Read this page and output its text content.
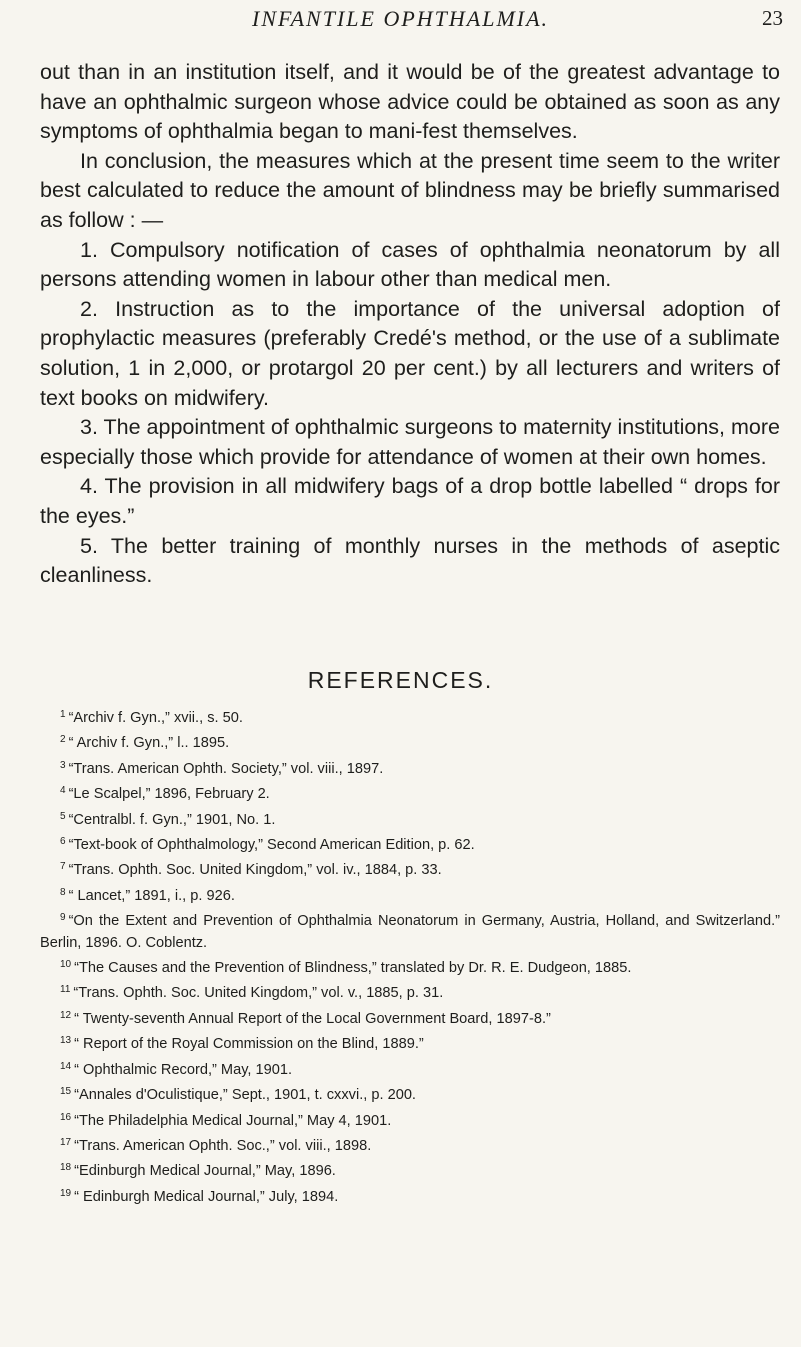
INFANTILE OPHTHALMIA.	23

out than in an institution itself, and it would be of the greatest advantage to have an ophthalmic surgeon whose advice could be obtained as soon as any symptoms of ophthalmia began to mani-fest themselves.

In conclusion, the measures which at the present time seem to the writer best calculated to reduce the amount of blindness may be briefly summarised as follow : —

1. Compulsory notification of cases of ophthalmia neonatorum by all persons attending women in labour other than medical men.

2. Instruction as to the importance of the universal adoption of prophylactic measures (preferably Credé's method, or the use of a sublimate solution, 1 in 2,000, or protargol 20 per cent.) by all lecturers and writers of text books on midwifery.

3. The appointment of ophthalmic surgeons to maternity institutions, more especially those which provide for attendance of women at their own homes.

4. The provision in all midwifery bags of a drop bottle labelled “ drops for the eyes.”

5. The better training of monthly nurses in the methods of aseptic cleanliness.

REFERENCES.

$^1$ “Archiv f. Gyn.,” xvii., s. 50.

$^2$ “ Archiv f. Gyn.,” l.. 1895.

$^3$ “Trans. American Ophth. Society,” vol. viii., 1897.

$^4$ “Le Scalpel,” 1896, February 2.

$^5$ “Centralbl. f. Gyn.,” 1901, No. 1.

$^6$ “Text-book of Ophthalmology,” Second American Edition, p. 62.

$^7$ “Trans. Ophth. Soc. United Kingdom,” vol. iv., 1884, p. 33.

$^8$ “ Lancet,” 1891, i., p. 926.

$^9$ “On the Extent and Prevention of Ophthalmia Neonatorum in Germany, Austria, Holland, and Switzerland.” Berlin, 1896. O. Coblentz.

$^{10}$ “The Causes and the Prevention of Blindness,” translated by Dr. R. E. Dudgeon, 1885.

$^{11}$ “Trans. Ophth. Soc. United Kingdom,” vol. v., 1885, p. 31.

$^{12}$ “ Twenty-seventh Annual Report of the Local Government Board, 1897-8.”

$^{13}$ “ Report of the Royal Commission on the Blind, 1889.”

$^{14}$ “ Ophthalmic Record,” May, 1901.

$^{15}$ “Annales d'Oculistique,” Sept., 1901, t. cxxvi., p. 200.

$^{16}$ “The Philadelphia Medical Journal,” May 4, 1901.

$^{17}$ “Trans. American Ophth. Soc.,” vol. viii., 1898.

$^{18}$ “Edinburgh Medical Journal,” May, 1896.

$^{19}$ “ Edinburgh Medical Journal,” July, 1894.
